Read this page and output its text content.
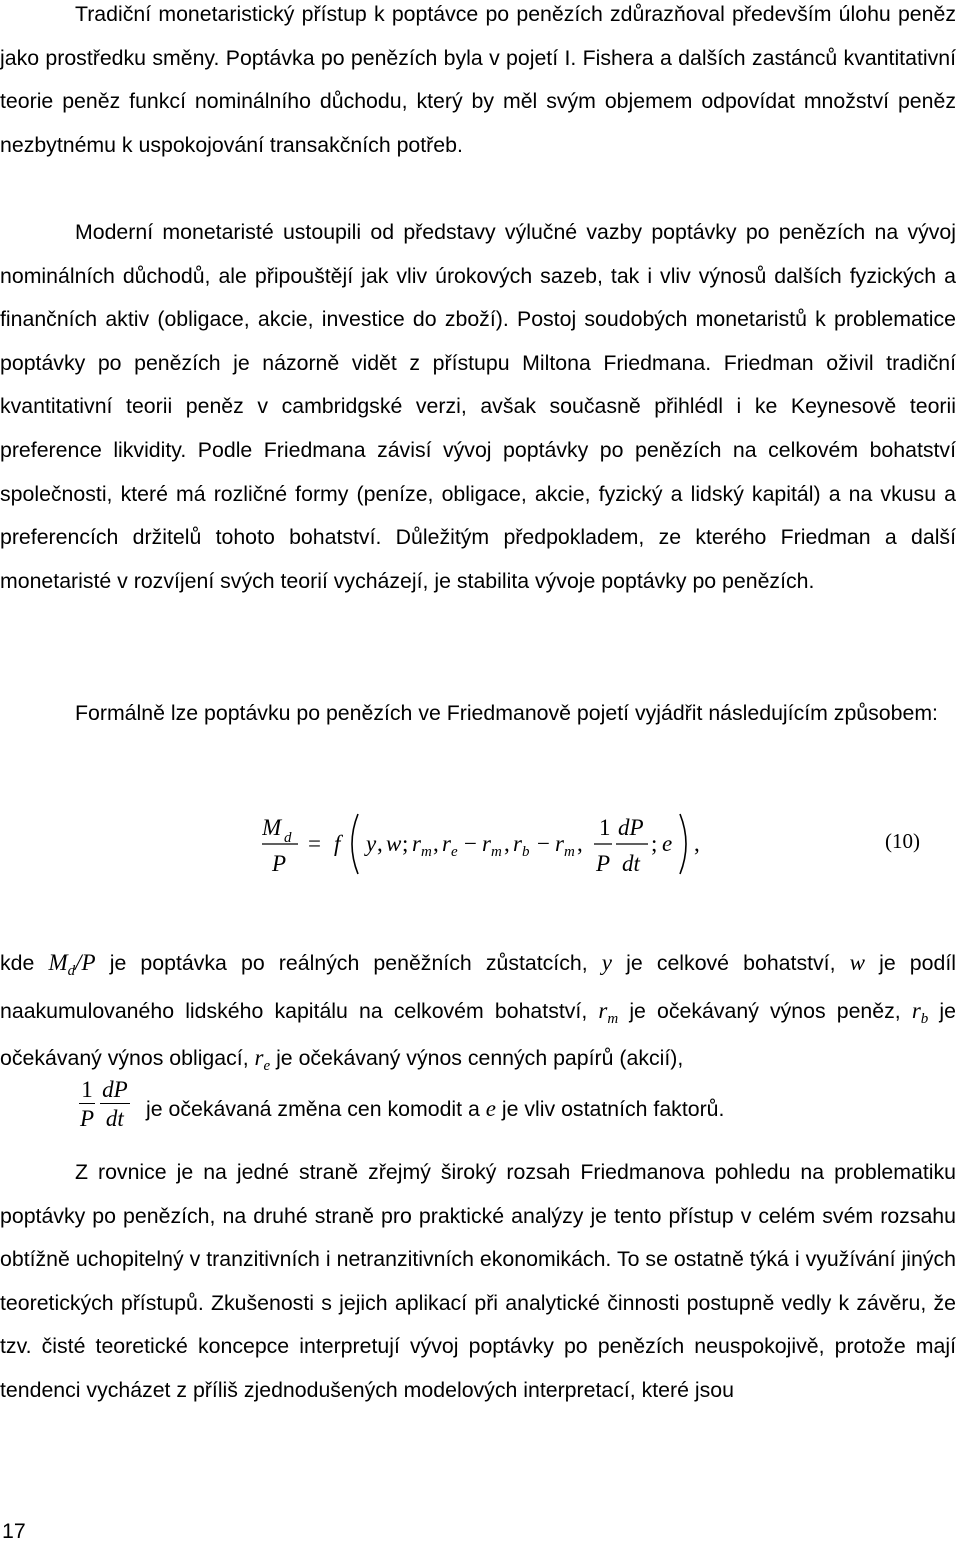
Tradiční monetaristický přístup k poptávce po penězích zdůrazňoval především úlohu peněz jako prostředku směny. Poptávka po penězích byla v pojetí I. Fishera a dalších zastánců kvantitativní teorie peněz funkcí nominálního důchodu, který by měl svým objemem odpovídat množství peněz nezbytnému k uspokojování transakčních potřeb.

Moderní monetaristé ustoupili od představy výlučné vazby poptávky po penězích na vývoj nominálních důchodů, ale připouštějí jak vliv úrokových sazeb, tak i vliv výnosů dalších fyzických a finančních aktiv (obligace, akcie, investice do zboží). Postoj soudobých monetaristů k problematice poptávky po penězích je názorně vidět z přístupu Miltona Friedmana. Friedman oživil tradiční kvantitativní teorii peněz v cambridgské verzi, avšak současně přihlédl i ke Keynesově teorii preference likvidity. Podle Friedmana závisí vývoj poptávky po penězích na celkovém bohatství společnosti, které má rozličné formy (peníze, obligace, akcie, fyzický a lidský kapitál) a na vkusu a preferencích držitelů tohoto bohatství. Důležitým předpokladem, ze kterého Friedman a další monetaristé v rozvíjení svých teorií vycházejí, je stabilita vývoje poptávky po penězích.

Formálně lze poptávku po penězích ve Friedmanově pojetí vyjádřit následujícím způsobem:

M d
P
= f y , w ; r m , r e − r m , r b − r m ,
1
P
dP
dt
; e ,	(10)

kde $M_d/P$ je poptávka po reálných peněžních zůstatcích, y je celkové bohatství, w je podíl naakumulovaného lidského kapitálu na celkovém bohatství, $r_m$ je očekávaný výnos peněz, $r_b$ je očekávaný výnos obligací, $r_e$ je očekávaný výnos cenných papírů (akcií),

$\frac{1}{P} \frac{dP}{dt}$ je očekávaná změna cen komodit a e je vliv ostatních faktorů.

Z rovnice je na jedné straně zřejmý široký rozsah Friedmanova pohledu na problematiku poptávky po penězích, na druhé straně pro praktické analýzy je tento přístup v celém svém rozsahu obtížně uchopitelný v tranzitivních i netranzitivních ekonomikách. To se ostatně týká i využívání jiných teoretických přístupů. Zkušenosti s jejich aplikací při analytické činnosti postupně vedly k závěru, že tzv. čisté teoretické koncepce interpretují vývoj poptávky po penězích neuspokojivě, protože mají tendenci vycházet z příliš zjednodušených modelových interpretací, které jsou

17
